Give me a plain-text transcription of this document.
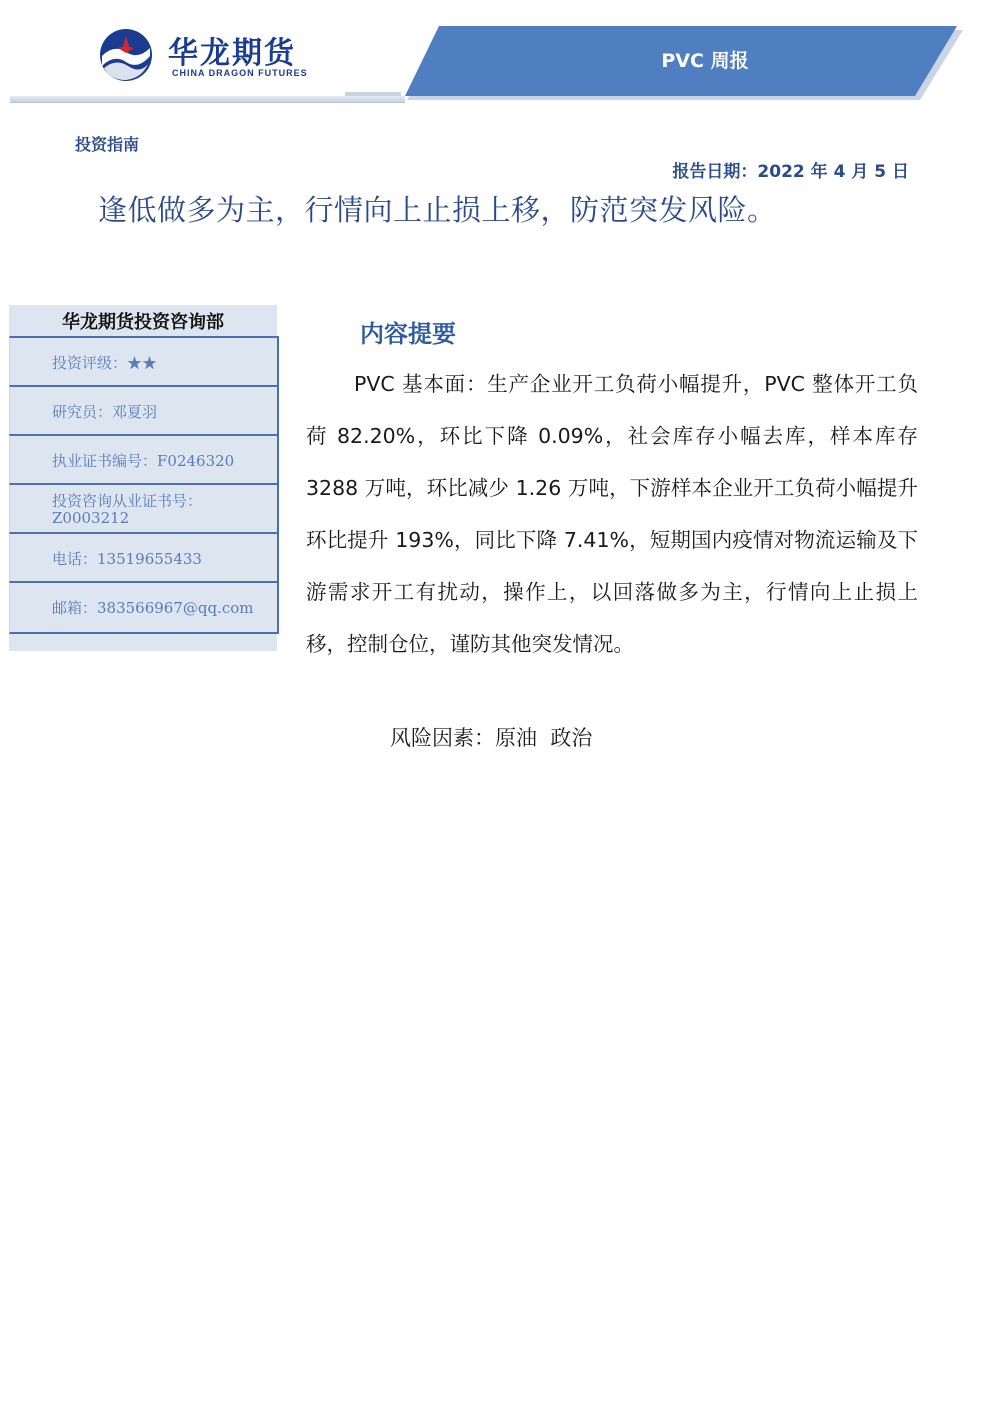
华龙期货
CHINA DRAGON FUTURES
PVC 周报
投资指南
报告日期：2022 年 4 月 5 日
逢低做多为主，行情向上止损上移，防范突发风险。
华龙期货投资咨询部
投资评级：★★
研究员：邓夏羽
执业证书编号：F0246320
投资咨询从业证书号：Z0003212
电话：13519655433
邮箱：383566967@qq.com
内容提要
PVC 基本面：生产企业开工负荷小幅提升，PVC 整体开工负荷 82.20%，环比下降 0.09%，社会库存小幅去库，样本库存 3288 万吨，环比减少 1.26 万吨，下游样本企业开工负荷小幅提升环比提升 193%，同比下降 7.41%，短期国内疫情对物流运输及下游需求开工有扰动，操作上，以回落做多为主，行情向上止损上移，控制仓位，谨防其他突发情况。
风险因素：原油  政治
